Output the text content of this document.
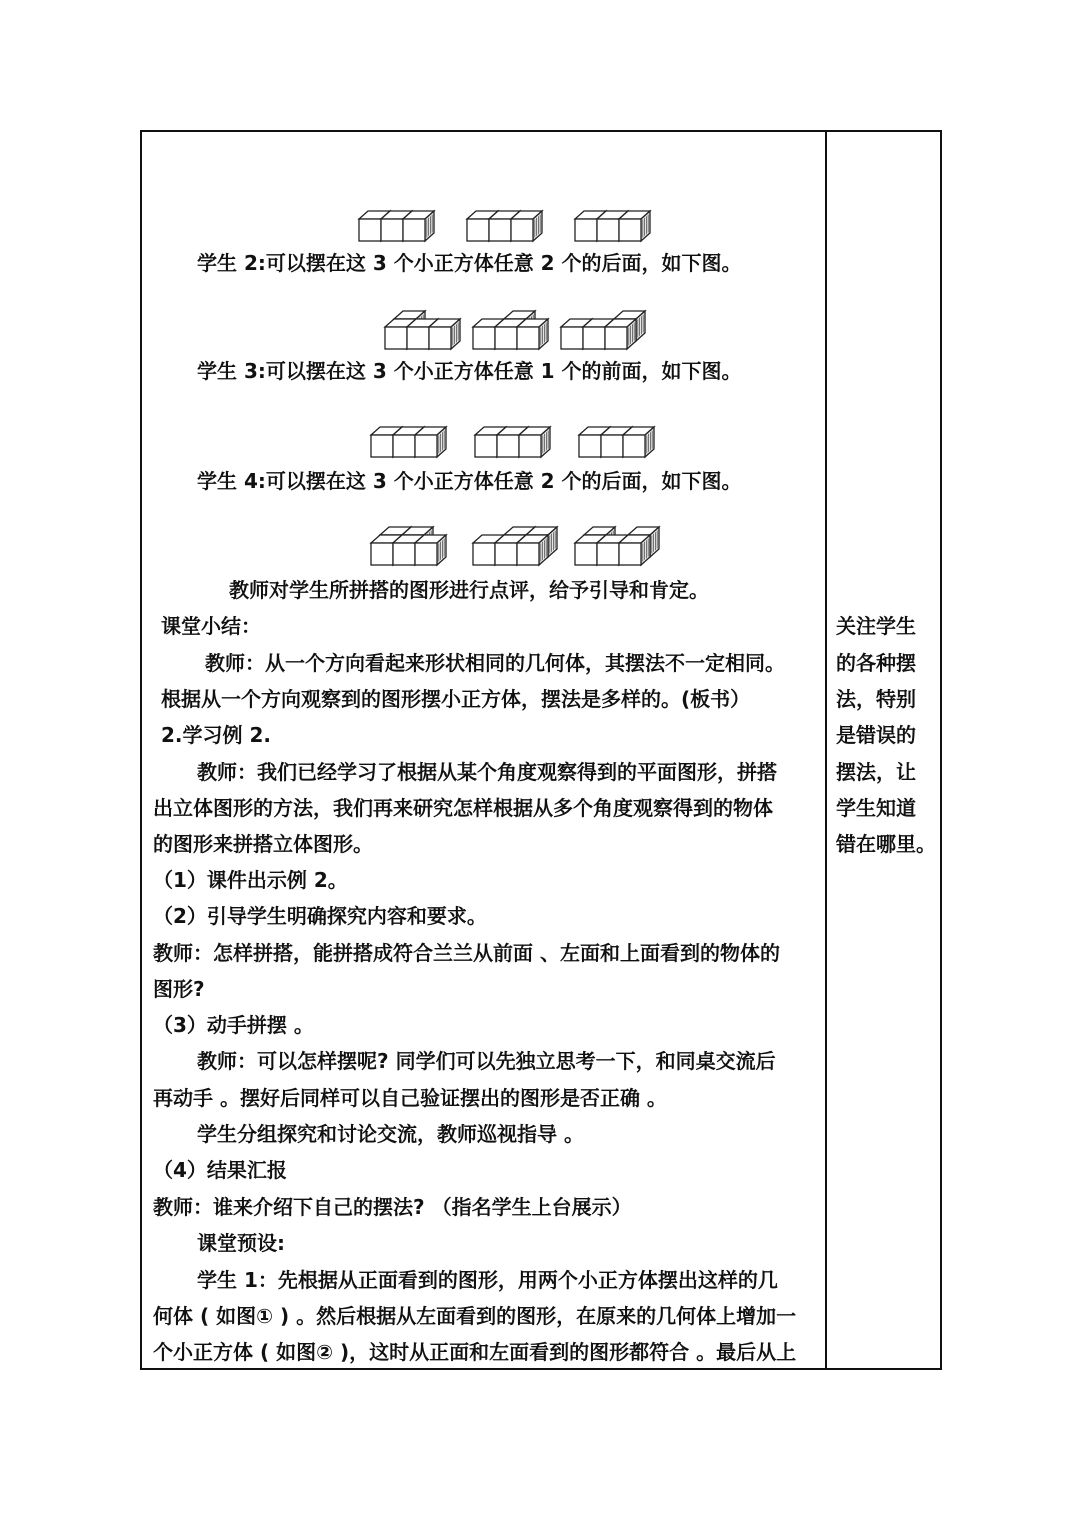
学生 2:可以摆在这 3 个小正方体任意 2 个的后面，如下图。
学生 3:可以摆在这 3 个小正方体任意 1 个的前面，如下图。
学生 4:可以摆在这 3 个小正方体任意 2 个的后面，如下图。
教师对学生所拼搭的图形进行点评，给予引导和肯定。
课堂小结：
教师：从一个方向看起来形状相同的几何体，其摆法不一定相同。
根据从一个方向观察到的图形摆小正方体，摆法是多样的。(板书）
2.学习例 2.
教师：我们已经学习了根据从某个角度观察得到的平面图形，拼搭
出立体图形的方法，我们再来研究怎样根据从多个角度观察得到的物体
的图形来拼搭立体图形。
（1）课件出示例 2。
（2）引导学生明确探究内容和要求。
教师：怎样拼搭，能拼搭成符合兰兰从前面 、左面和上面看到的物体的
图形?
（3）动手拼摆 。
教师：可以怎样摆呢? 同学们可以先独立思考一下，和同桌交流后
再动手 。摆好后同样可以自己验证摆出的图形是否正确 。
学生分组探究和讨论交流，教师巡视指导 。
（4）结果汇报
教师：谁来介绍下自己的摆法? （指名学生上台展示）
课堂预设:
学生 1：先根据从正面看到的图形，用两个小正方体摆出这样的几
何体 ( 如图① ) 。然后根据从左面看到的图形，在原来的几何体上增加一
个小正方体 ( 如图② )，这时从正面和左面看到的图形都符合 。最后从上
关注学生
的各种摆
法，特别
是错误的
摆法，让
学生知道
错在哪里。
